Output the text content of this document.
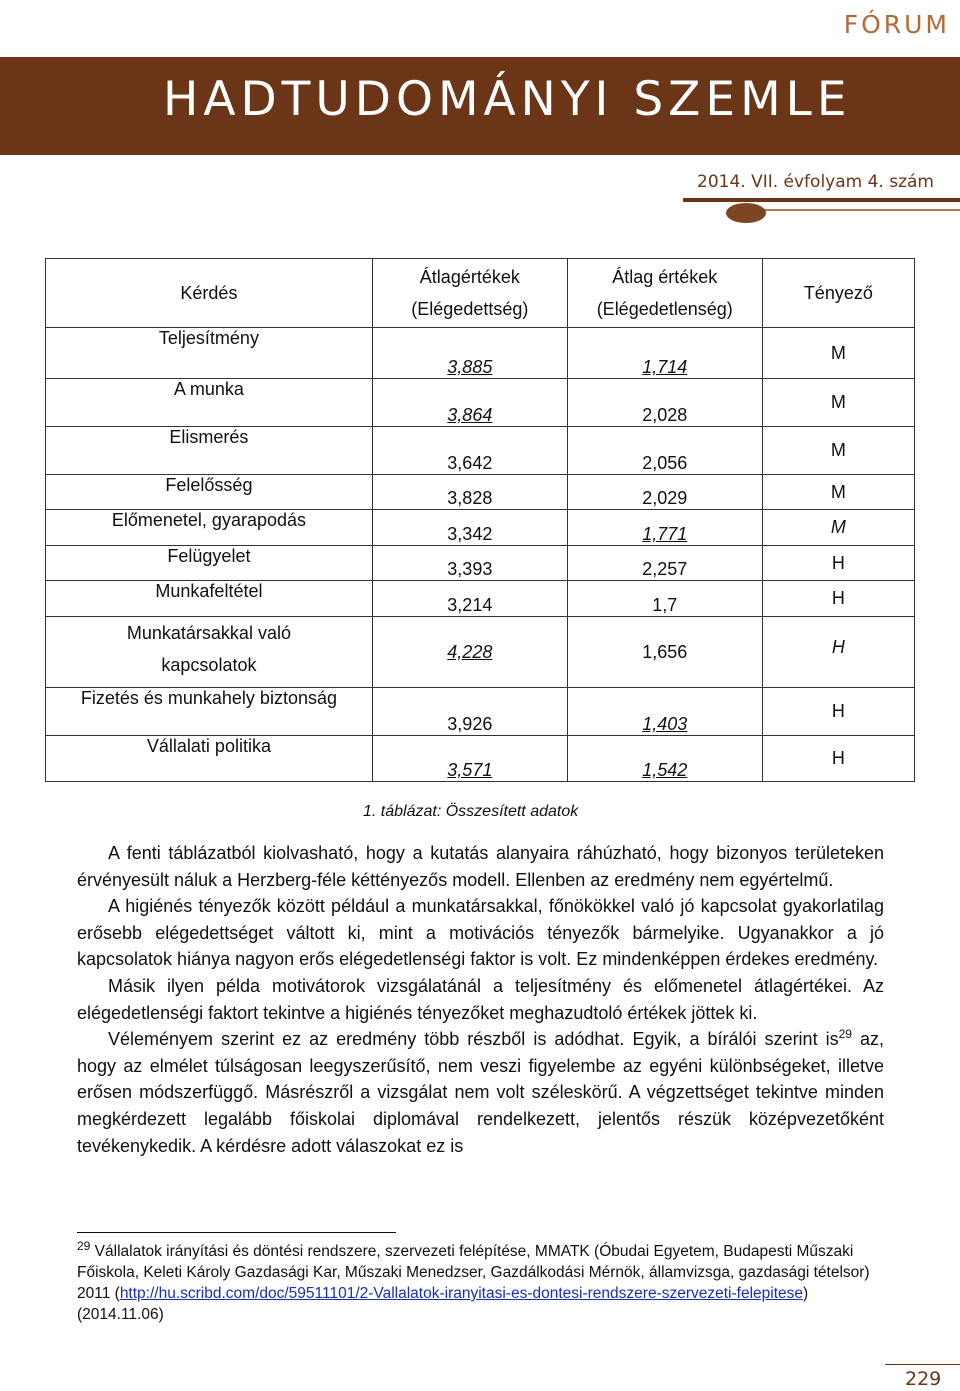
FÓRUM
HADTUDOMÁNYI SZEMLE
2014. VII. évfolyam 4. szám
Kérdés	Átlagértékek (Elégedettség)	Átlag értékek (Elégedetlenség)	Tényező
Teljesítmény	3,885	1,714	M
A munka	3,864	2,028	M
Elismerés	3,642	2,056	M
Felelősség	3,828	2,029	M
Előmenetel, gyarapodás	3,342	1,771	M
Felügyelet	3,393	2,257	H
Munkafeltétel	3,214	1,7	H

Munkatársakkal való
kapcsolatok	4,228	1,656	H
Fizetés és munkahely biztonság	3,926	1,403	H
Vállalati politika	3,571	1,542	H
1. táblázat: Összesített adatok

A fenti táblázatból kiolvasható, hogy a kutatás alanyaira ráhúzható, hogy bizonyos területeken érvényesült náluk a Herzberg-féle kéttényezős modell. Ellenben az eredmény nem egyértelmű.

A higiénés tényezők között például a munkatársakkal, főnökökkel való jó kapcsolat gyakorlatilag erősebb elégedettséget váltott ki, mint a motivációs tényezők bármelyike. Ugyanakkor a jó kapcsolatok hiánya nagyon erős elégedetlenségi faktor is volt. Ez mindenképpen érdekes eredmény.

Másik ilyen példa motivátorok vizsgálatánál a teljesítmény és előmenetel átlagértékei. Az elégedetlenségi faktort tekintve a higiénés tényezőket meghazudtoló értékek jöttek ki.

Véleményem szerint ez az eredmény több részből is adódhat. Egyik, a bírálói szerint $is^{29}$ az, hogy az elmélet túlságosan leegyszerűsítő, nem veszi figyelembe az egyéni különbségeket, illetve erősen módszerfüggő. Másrészről a vizsgálat nem volt széleskörű. A végzettséget tekintve minden megkérdezett legalább főiskolai diplomával rendelkezett, jelentős részük középvezetőként tevékenykedik. A kérdésre adott válaszokat ez is

$^{29}$ Vállalatok irányítási és döntési rendszere, szervezeti felépítése, MMATK (Óbudai Egyetem, Budapesti Műszaki Főiskola, Keleti Károly Gazdasági Kar, Műszaki Menedzser, Gazdálkodási Mérnök, államvizsga, gazdasági tételsor) 2011 (http://hu.scribd.com/doc/59511101/2-Vallalatok-iranyitasi-es-dontesi-rendszere-szervezeti-felepitese) (2014.11.06)
229
